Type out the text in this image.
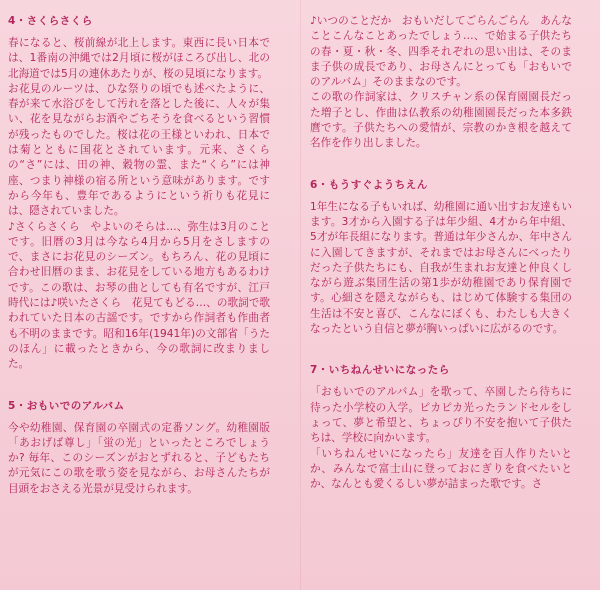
4・さくらさくら

春になると、桜前線が北上します。東西に長い日本では、1番南の沖縄では2月頃に桜がほころび出し、北の北海道では5月の連休あたりが、桜の見頃になります。

お花見のルーツは、ひな祭りの頃でも述べたように、春が来て水浴びをして汚れを落とした後に、人々が集い、花を見ながらお酒やごちそうを食べるという習慣が残ったものでした。桜は花の王様といわれ、日本では菊とともに国花とされています。元来、さくらの“さ”には、田の神、穀物の霊、また“くら”には神座、つまり神様の宿る所という意味があります。ですから今年も、豊年であるようにという祈りも花見には、隠されていました。

♪さくらさくら　やよいのそらは…、弥生は3月のことです。旧暦の3月は今なら4月から5月をさしますので、まさにお花見のシーズン。もちろん、花の見頃に合わせ旧暦のまま、お花見をしている地方もあるわけです。この歌は、お琴の曲としても有名ですが、江戸時代には♪咲いたさくら　花見てもどる…、の歌詞で歌われていた日本の古謡です。ですから作詞者も作曲者も不明のままです。昭和16年(1941年)の文部省「うたのほん」に載ったときから、今の歌詞に改まりました。

5・おもいでのアルバム

今や幼稚園、保育園の卒園式の定番ソング。幼稚園版「あおげば尊し」「蛍の光」といったところでしょうか? 毎年、このシーズンがおとずれると、子どもたちが元気にこの歌を歌う姿を見ながら、お母さんたちが目頭をおさえる光景が見受けられます。

♪いつのことだか　おもいだしてごらんごらん　あんなことこんなことあったでしょう…、で始まる子供たちの春・夏・秋・冬、四季それぞれの思い出は、そのまま子供の成長であり、お母さんにとっても「おもいでのアルバム」そのままなのです。

この歌の作詞家は、クリスチャン系の保育園園長だった増子とし、作曲は仏教系の幼稚園園長だった本多鉄麿です。子供たちへの愛情が、宗教のかき根を越えて名作を作り出しました。

6・もうすぐようちえん

1年生になる子もいれば、幼稚園に通い出すお友達もいます。3才から入園する子は年少組、4才から年中組、5才が年長組になります。普通は年少さんか、年中さんに入園してきますが、それまではお母さんにべったりだった子供たちにも、自我が生まれお友達と仲良くしながら遊ぶ集団生活の第1歩が幼稚園であり保育園です。心細さを隠えながらも、はじめて体験する集団の生活は不安と喜び、こんなにぼくも、わたしも大きくなったという自信と夢が胸いっぱいに広がるのです。

7・いちねんせいになったら

「おもいでのアルバム」を歌って、卒園したら待ちに待った小学校の入学。ピカピカ光ったランドセルをしょって、夢と希望と、ちょっぴり不安を抱いて子供たちは、学校に向かいます。

「いちねんせいになったら」友達を百人作りたいとか、みんなで富士山に登っておにぎりを食べたいとか、なんとも愛くるしい夢が詰まった歌です。さ
